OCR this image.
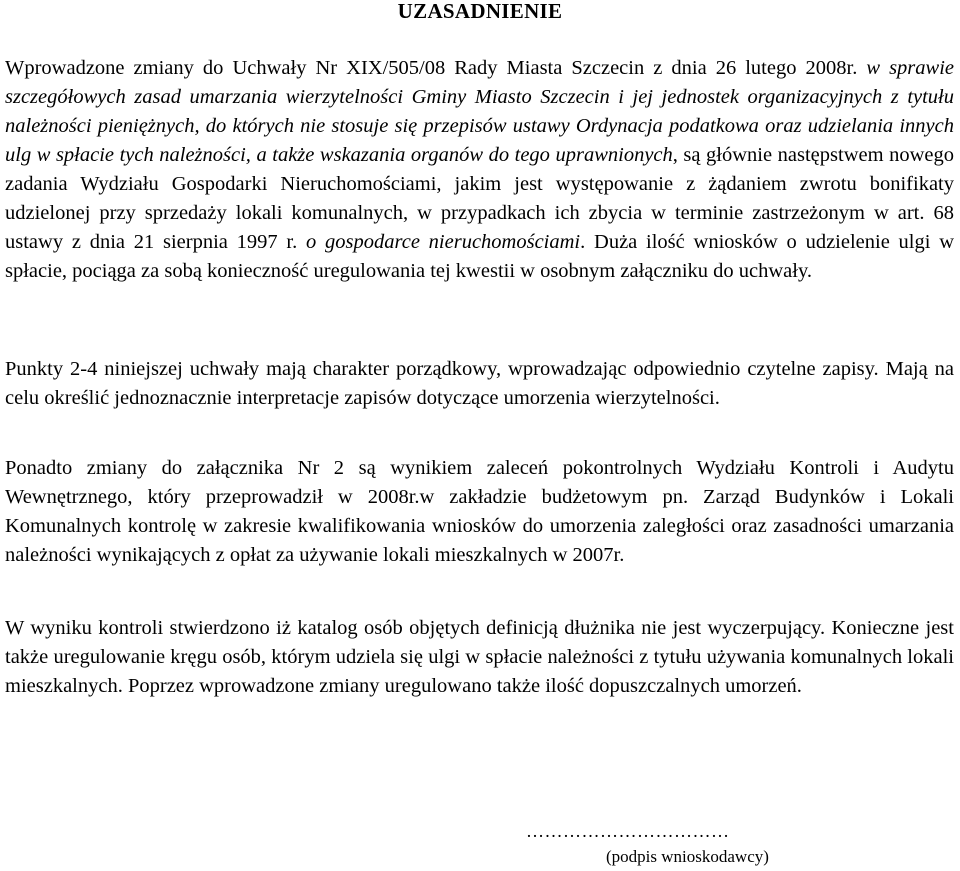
UZASADNIENIE

Wprowadzone zmiany do Uchwały Nr XIX/505/08 Rady Miasta Szczecin z dnia 26 lutego 2008r. w sprawie szczegółowych zasad umarzania wierzytelności Gminy Miasto Szczecin i jej jednostek organizacyjnych z tytułu należności pieniężnych, do których nie stosuje się przepisów ustawy Ordynacja podatkowa oraz udzielania innych ulg w spłacie tych należności, a także wskazania organów do tego uprawnionych, są głównie następstwem nowego zadania Wydziału Gospodarki Nieruchomościami, jakim jest występowanie z żądaniem zwrotu bonifikaty udzielonej przy sprzedaży lokali komunalnych, w przypadkach ich zbycia w terminie zastrzeżonym w art. 68 ustawy z dnia 21 sierpnia 1997 r. o gospodarce nieruchomościami. Duża ilość wniosków o udzielenie ulgi w spłacie, pociąga za sobą konieczność uregulowania tej kwestii w osobnym załączniku do uchwały.

Punkty 2-4 niniejszej uchwały mają charakter porządkowy, wprowadzając odpowiednio czytelne zapisy. Mają na celu określić jednoznacznie interpretacje zapisów dotyczące umorzenia wierzytelności.

Ponadto zmiany do załącznika Nr 2 są wynikiem zaleceń pokontrolnych Wydziału Kontroli i Audytu Wewnętrznego, który przeprowadził w 2008r.w zakładzie budżetowym pn. Zarząd Budynków i Lokali Komunalnych kontrolę w zakresie kwalifikowania wniosków do umorzenia zaległości oraz zasadności umarzania należności wynikających z opłat za używanie lokali mieszkalnych w 2007r.

W wyniku kontroli stwierdzono iż katalog osób objętych definicją dłużnika nie jest wyczerpujący. Konieczne jest także uregulowanie kręgu osób, którym udziela się ulgi w spłacie należności z tytułu używania komunalnych lokali mieszkalnych. Poprzez wprowadzone zmiany uregulowano także ilość dopuszczalnych umorzeń.

……………………………
(podpis wnioskodawcy)
